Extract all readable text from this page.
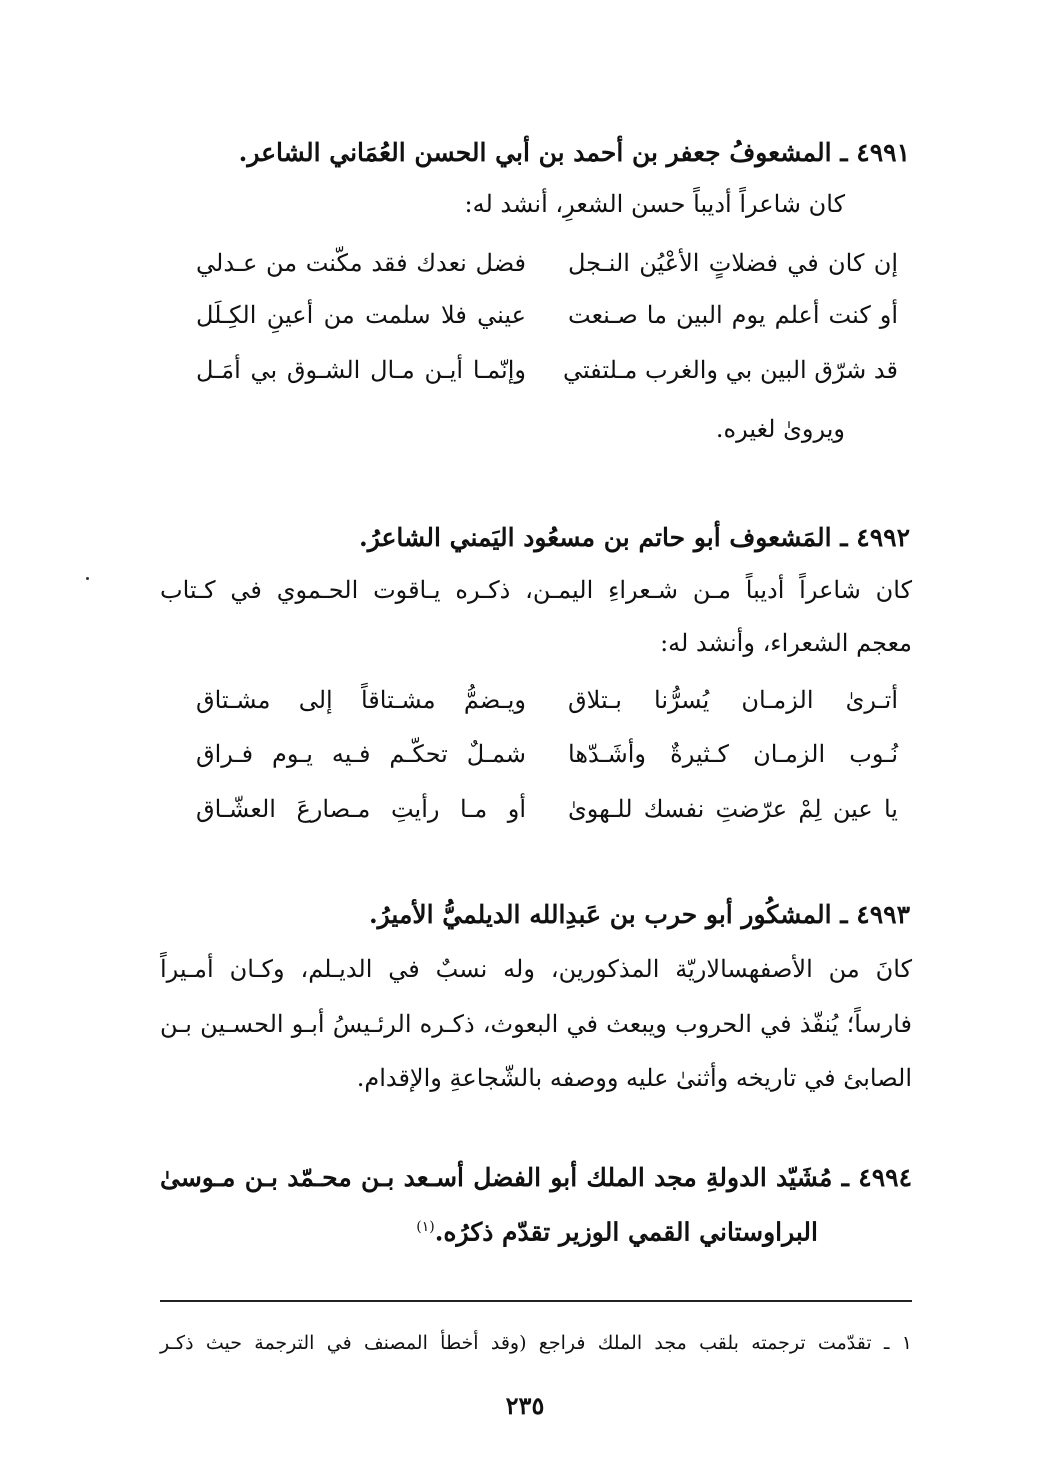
٤٩٩١ ـ المشعوفُ جعفر بن أحمد بن أبي الحسن العُمَاني الشاعر.
كان شاعراً أديباً حسن الشعرِ، أنشد له:
إن كان في فضلاتٍ الأعْيُن النـجل
فضل نعدك فقد مكّنت من عـدلي
أو كنت أعلم يوم البين ما صـنعت
عيني فلا سلمت من أعينِ الكِـلَل
قد شرّق البين بي والغرب مـلتفتي
وإنّمـا أيـن مـال الشـوق بي أمَـل
ويروىٰ لغيره.
٤٩٩٢ ـ المَشعوف أبو حاتم بن مسعُود اليَمني الشاعرُ.
كان شاعراً أديباً مـن شـعراءِ اليمـن، ذكـره يـاقوت الحـموي في كـتاب
معجم الشعراء، وأنشد له:
أتـرىٰ الزمـان يُسرُّنا بـتلاق
ويـضمُّ مشـتاقاً إلى مشـتاق
نُـوب الزمـان كـثيرةٌ وأشَـدّها
شمـلٌ تحكّـم فـيه يـوم فـراق
يا عين لِمْ عرّضتِ نفسك للـهوىٰ
أو مـا رأيتِ مـصارعَ العشّـاق
٤٩٩٣ ـ المشكُور أبو حرب بن عَبدِالله الديلميُّ الأميرُ.
كانَ من الأصفهسالاريّة المذكورين، وله نسبٌ في الديـلم، وكـان أمـيراً
فارساً؛ يُنفّذ في الحروب ويبعث في البعوث، ذكـره الرئـيسُ أبـو الحسـين بـن
الصابئ في تاريخه وأثنىٰ عليه ووصفه بالشّجاعةِ والإقدام.
٤٩٩٤ ـ مُشَيّد الدولةِ مجد الملك أبو الفضل أسـعد بـن محـمّد بـن مـوسىٰ
البراوستاني القمي الوزير تقدّم ذكرُه.$^{(١)}$
١ ـ تقدّمت ترجمته بلقب مجد الملك فراجع (وقد أخطأ المصنف في الترجمة حيث ذكـر
٢٣٥
